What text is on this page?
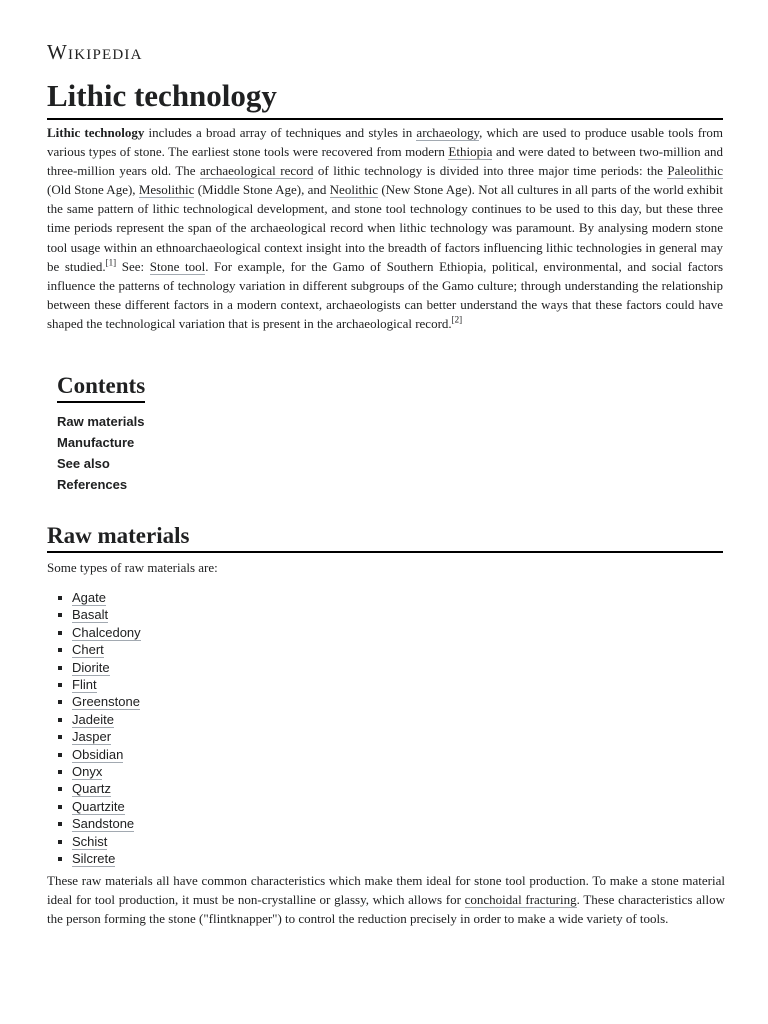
Wikipedia
Lithic technology

Lithic technology includes a broad array of techniques and styles in archaeology, which are used to produce usable tools from various types of stone. The earliest stone tools were recovered from modern Ethiopia and were dated to between two-million and three-million years old. The archaeological record of lithic technology is divided into three major time periods: the Paleolithic (Old Stone Age), Mesolithic (Middle Stone Age), and Neolithic (New Stone Age). Not all cultures in all parts of the world exhibit the same pattern of lithic technological development, and stone tool technology continues to be used to this day, but these three time periods represent the span of the archaeological record when lithic technology was paramount. By analysing modern stone tool usage within an ethnoarchaeological context insight into the breadth of factors influencing lithic technologies in general may be studied.[1] See: Stone tool. For example, for the Gamo of Southern Ethiopia, political, environmental, and social factors influence the patterns of technology variation in different subgroups of the Gamo culture; through understanding the relationship between these different factors in a modern context, archaeologists can better understand the ways that these factors could have shaped the technological variation that is present in the archaeological record.[2]

Contents
Raw materials
Manufacture
See also
References
Raw materials

Some types of raw materials are:

Agate
Basalt
Chalcedony
Chert
Diorite
Flint
Greenstone
Jadeite
Jasper
Obsidian
Onyx
Quartz
Quartzite
Sandstone
Schist
Silcrete

These raw materials all have common characteristics which make them ideal for stone tool production. To make a stone material ideal for tool production, it must be non-crystalline or glassy, which allows for conchoidal fracturing. These characteristics allow the person forming the stone ("flintknapper") to control the reduction precisely in order to make a wide variety of tools.
